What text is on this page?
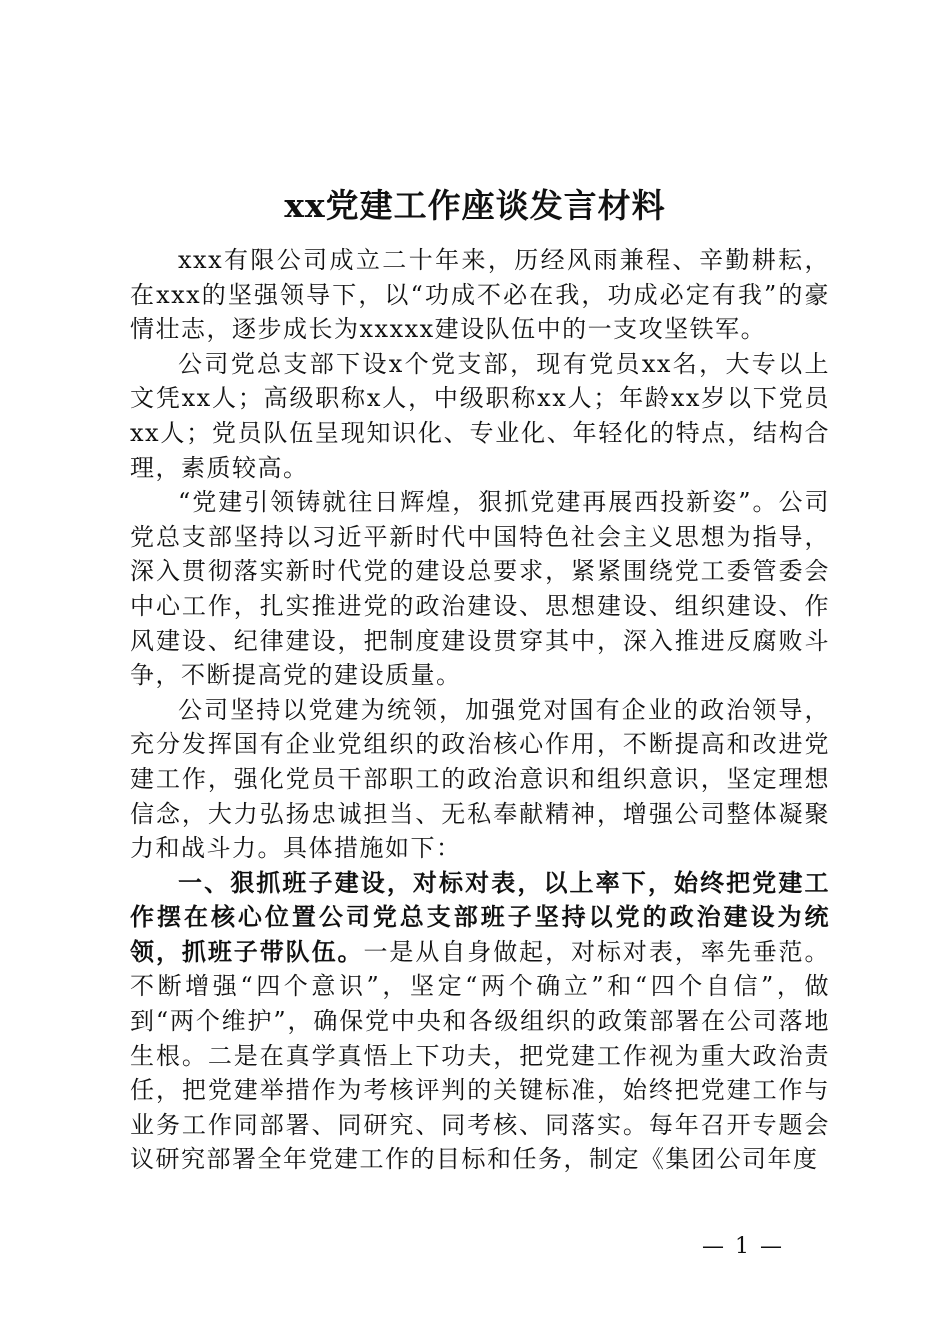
xx党建工作座谈发言材料

xxx有限公司成立二十年来，历经风雨兼程、辛勤耕耘，在xxx的坚强领导下，以“功成不必在我，功成必定有我”的豪情壮志，逐步成长为xxxxx建设队伍中的一支攻坚铁军。

公司党总支部下设x个党支部，现有党员xx名，大专以上文凭xx人；高级职称x人，中级职称xx人；年龄xx岁以下党员xx人；党员队伍呈现知识化、专业化、年轻化的特点，结构合理，素质较高。

“党建引领铸就往日辉煌，狠抓党建再展西投新姿”。公司党总支部坚持以习近平新时代中国特色社会主义思想为指导，深入贯彻落实新时代党的建设总要求，紧紧围绕党工委管委会中心工作，扎实推进党的政治建设、思想建设、组织建设、作风建设、纪律建设，把制度建设贯穿其中，深入推进反腐败斗争，不断提高党的建设质量。

公司坚持以党建为统领，加强党对国有企业的政治领导，充分发挥国有企业党组织的政治核心作用，不断提高和改进党建工作，强化党员干部职工的政治意识和组织意识，坚定理想信念，大力弘扬忠诚担当、无私奉献精神，增强公司整体凝聚力和战斗力。具体措施如下：

一、狠抓班子建设，对标对表，以上率下，始终把党建工作摆在核心位置公司党总支部班子坚持以党的政治建设为统领，抓班子带队伍。一是从自身做起，对标对表，率先垂范。不断增强“四个意识”，坚定“两个确立”和“四个自信”，做到“两个维护”，确保党中央和各级组织的政策部署在公司落地生根。二是在真学真悟上下功夫，把党建工作视为重大政治责任，把党建举措作为考核评判的关键标准，始终把党建工作与业务工作同部署、同研究、同考核、同落实。每年召开专题会议研究部署全年党建工作的目标和任务，制定《集团公司年度

— 1 —
